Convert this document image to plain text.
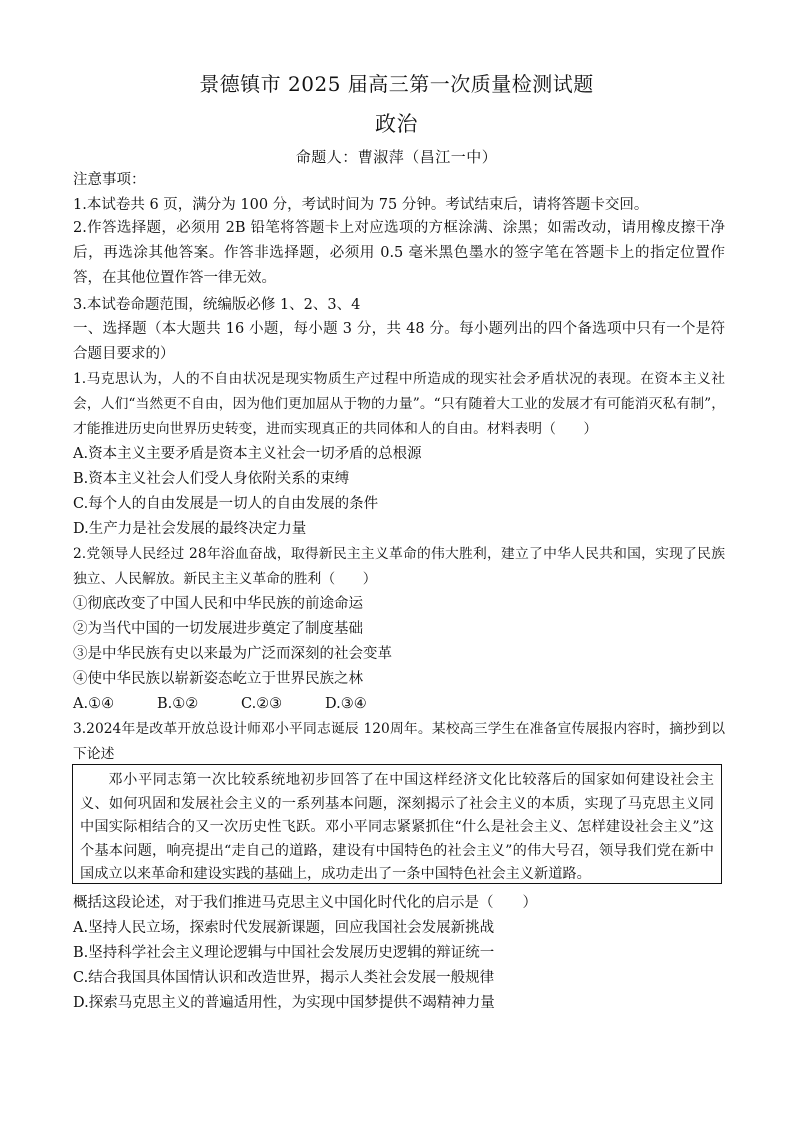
景德镇市 2025 届高三第一次质量检测试题
政治
命题人：曹淑萍（昌江一中）
注意事项：
1.本试卷共 6 页，满分为 100 分，考试时间为 75 分钟。考试结束后，请将答题卡交回。
2.作答选择题，必须用 2B 铅笔将答题卡上对应选项的方框涂满、涂黑；如需改动，请用橡皮擦干净后，再选涂其他答案。作答非选择题，必须用 0.5 毫米黑色墨水的签字笔在答题卡上的指定位置作答，在其他位置作答一律无效。
3.本试卷命题范围，统编版必修 1、2、3、4
一、选择题（本大题共 16 小题，每小题 3 分，共 48 分。每小题列出的四个备选项中只有一个是符合题目要求的）
1.马克思认为，人的不自由状况是现实物质生产过程中所造成的现实社会矛盾状况的表现。在资本主义社会，人们“当然更不自由，因为他们更加屈从于物的力量”。“只有随着大工业的发展才有可能消灭私有制”，才能推进历史向世界历史转变，进而实现真正的共同体和人的自由。材料表明（　　）
A.资本主义主要矛盾是资本主义社会一切矛盾的总根源
B.资本主义社会人们受人身依附关系的束缚
C.每个人的自由发展是一切人的自由发展的条件
D.生产力是社会发展的最终决定力量
2.党领导人民经过 28年浴血奋战，取得新民主主义革命的伟大胜利，建立了中华人民共和国，实现了民族独立、人民解放。新民主主义革命的胜利（　　）
①彻底改变了中国人民和中华民族的前途命运
②为当代中国的一切发展进步奠定了制度基础
③是中华民族有史以来最为广泛而深刻的社会变革
④使中华民族以崭新姿态屹立于世界民族之林
A.①④	B.①②	C.②③	D.③④
3.2024年是改革开放总设计师邓小平同志诞辰 120周年。某校高三学生在准备宣传展报内容时，摘抄到以下论述

邓小平同志第一次比较系统地初步回答了在中国这样经济文化比较落后的国家如何建设社会主义、如何巩固和发展社会主义的一系列基本问题，深刻揭示了社会主义的本质，实现了马克思主义同中国实际相结合的又一次历史性飞跃。邓小平同志紧紧抓住“什么是社会主义、怎样建设社会主义”这个基本问题，响亮提出“走自己的道路，建设有中国特色的社会主义”的伟大号召，领导我们党在新中国成立以来革命和建设实践的基础上，成功走出了一条中国特色社会主义新道路。

概括这段论述，对于我们推进马克思主义中国化时代化的启示是（　　）
A.坚持人民立场，探索时代发展新课题，回应我国社会发展新挑战
B.坚持科学社会主义理论逻辑与中国社会发展历史逻辑的辩证统一
C.结合我国具体国情认识和改造世界，揭示人类社会发展一般规律
D.探索马克思主义的普遍适用性，为实现中国梦提供不竭精神力量
